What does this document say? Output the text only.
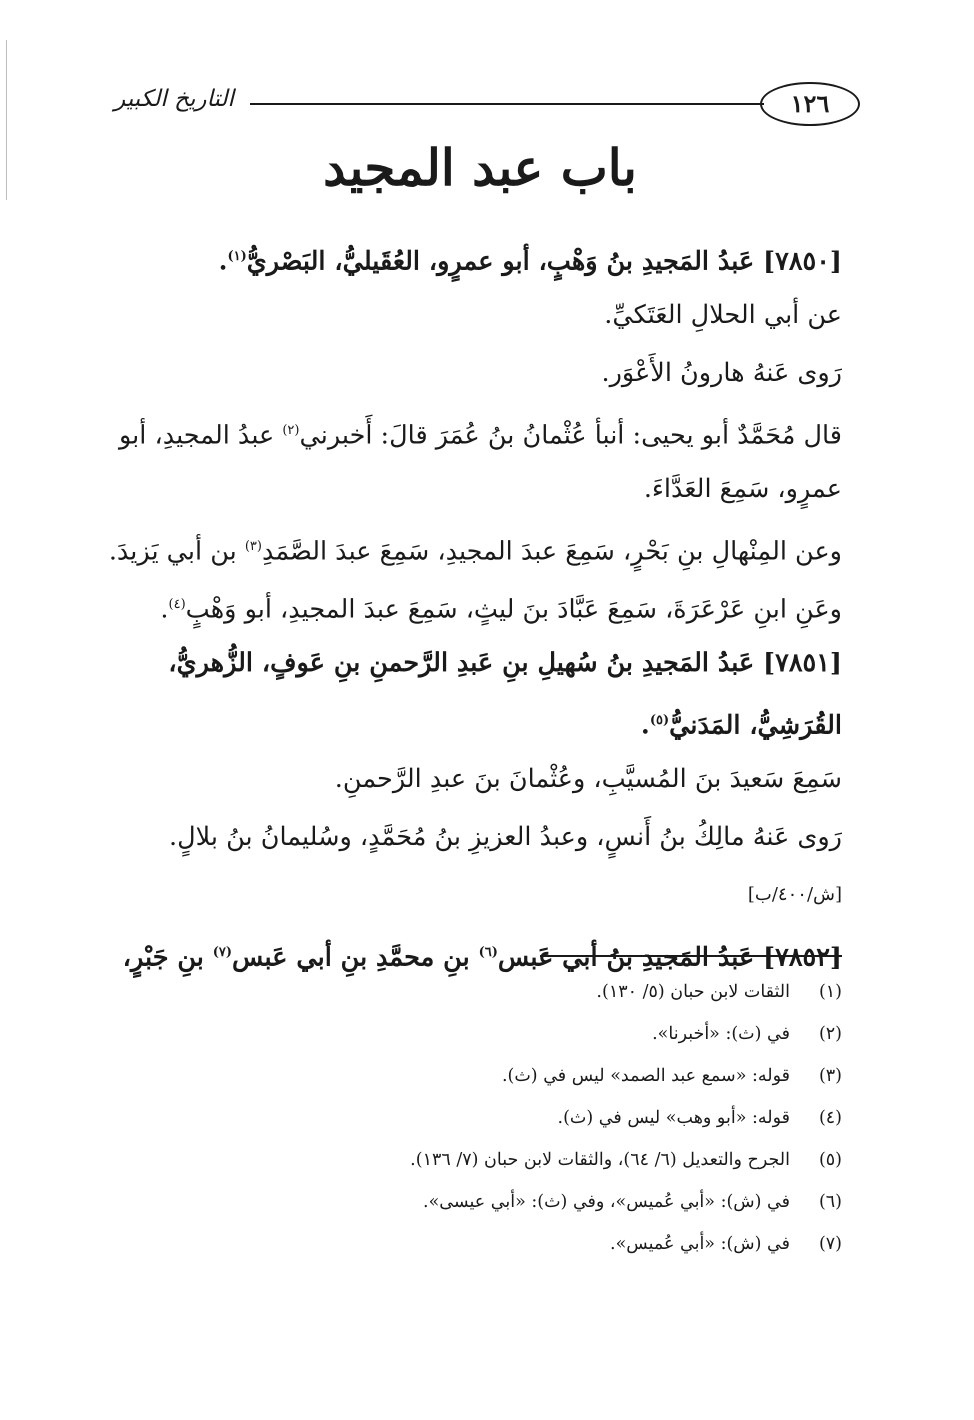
١٢٦
التاريخ الكبير
باب عبد المجيد
[٧٨٥٠] عَبدُ المَجيدِ بنُ وَهْبٍ، أبو عمرٍو، العُقَيليُّ، البَصْريُّ$^{(١)}$.
عن أبي الحلالِ العَتَكيِّ.
رَوى عَنهُ هارونُ الأَعْوَر.
قال مُحَمَّدٌ أبو يحيى: أنبأ عُثْمانُ بنُ عُمَرَ قالَ: أَخبرني$^{(٢)}$ عبدُ المجيدِ، أبو
عمرٍو، سَمِعَ العَدَّاءَ.
وعن المِنْهالِ بنِ بَحْرٍ، سَمِعَ عبدَ المجيدِ، سَمِعَ عبدَ الصَّمَدِ$^{(٣)}$ بن أبي يَزيدَ.
وعَنِ ابنِ عَرْعَرَةَ، سَمِعَ عَبَّادَ بنَ ليثٍ، سَمِعَ عبدَ المجيدِ، أبو وَهْبٍ$^{(٤)}$.
[٧٨٥١] عَبدُ المَجيدِ بنُ سُهيلِ بنِ عَبدِ الرَّحمنِ بنِ عَوفٍ، الزُّهريُّ،
القُرَشِيُّ، المَدَنيُّ$^{(٥)}$.
سَمِعَ سَعيدَ بنَ المُسيَّبِ، وعُثْمانَ بنَ عبدِ الرَّحمنِ.
رَوى عَنهُ مالِكُ بنُ أَنسٍ، وعبدُ العزيزِ بنُ مُحَمَّدٍ، وسُليمانُ بنُ بلالٍ.
[ش/٤٠٠/ب]
[٧٨٥٢] عَبدُ المَجيدِ بنُ أبي عَبس$^{(٦)}$ بنِ محمَّدِ بنِ أبي عَبس$^{(٧)}$ بنِ جَبْرٍ،
(١)الثقات لابن حبان (٥/ ١٣٠).
(٢)في (ث): «أخبرنا».
(٣)قوله: «سمع عبد الصمد» ليس في (ث).
(٤)قوله: «أبو وهب» ليس في (ث).
(٥)الجرح والتعديل (٦/ ٦٤)، والثقات لابن حبان (٧/ ١٣٦).
(٦)في (ش): «أبي عُميس»، وفي (ث): «أبي عيسى».
(٧)في (ش): «أبي عُميس».
